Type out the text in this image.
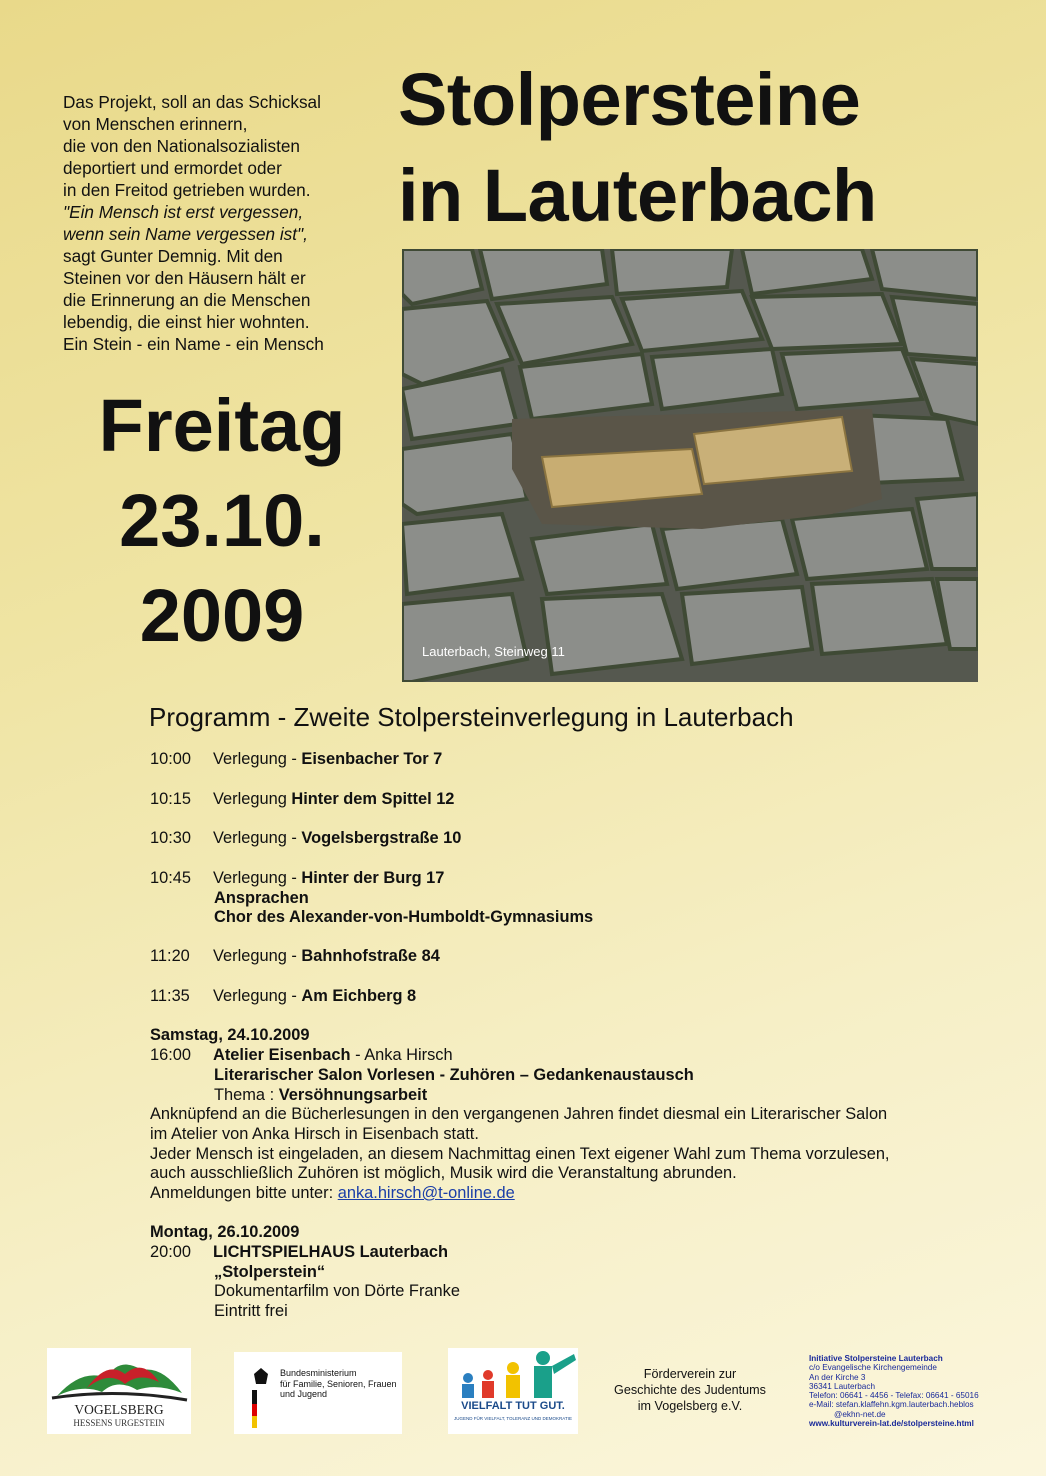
Das Projekt, soll an das Schicksal
von Menschen erinnern,
die von den Nationalsozialisten
deportiert und ermordet oder
in den Freitod getrieben wurden.
"Ein Mensch ist erst vergessen,
wenn sein Name vergessen ist",
sagt Gunter Demnig. Mit den
Steinen vor den Häusern hält er
die Erinnerung an die Menschen
lebendig, die einst hier wohnten.
Ein Stein - ein Name - ein Mensch
Stolpersteine
in Lauterbach
Freitag
23.10.
2009	Lauterbach, Steinweg 11
Programm - Zweite Stolpersteinverlegung in Lauterbach
10:00 Verlegung - Eisenbacher Tor 7
10:15 Verlegung Hinter dem Spittel 12
10:30 Verlegung - Vogelsbergstraße 10
10:45 Verlegung - Hinter der Burg 17
Ansprachen
Chor des Alexander-von-Humboldt-Gymnasiums
11:20 Verlegung - Bahnhofstraße 84
11:35 Verlegung - Am Eichberg 8
Samstag, 24.10.2009
16:00 Atelier Eisenbach - Anka Hirsch
Literarischer Salon Vorlesen - Zuhören – Gedankenaustausch
Thema : Versöhnungsarbeit
Anknüpfend an die Bücherlesungen in den vergangenen Jahren findet diesmal ein Literarischer Salon
im Atelier von Anka Hirsch in Eisenbach statt.
Jeder Mensch ist eingeladen, an diesem Nachmittag einen Text eigener Wahl zum Thema vorzulesen,
auch ausschließlich Zuhören ist möglich, Musik wird die Veranstaltung abrunden.
Anmeldungen bitte unter: anka.hirsch@t-online.de
Montag, 26.10.2009
20:00 LICHTSPIELHAUS Lauterbach
„Stolperstein“
Dokumentarfilm von Dörte Franke
Eintritt frei
VOGELSBERG
HESSENS URGESTEIN
Bundesministerium
für Familie, Senioren, Frauen
und Jugend
VIELFALT TUT GUT.
JUGEND FÜR VIELFALT, TOLERANZ UND DEMOKRATIE
Förderverein zur
Geschichte des Judentums
im Vogelsberg e.V.
Initiative Stolpersteine Lauterbach
c/o Evangelische Kirchengemeinde
An der Kirche 3
36341 Lauterbach
Telefon: 06641 - 4456 - Telefax: 06641 - 65016
e-Mail: stefan.klaffehn.kgm.lauterbach.heblos
@ekhn-net.de
www.kulturverein-lat.de/stolpersteine.html
